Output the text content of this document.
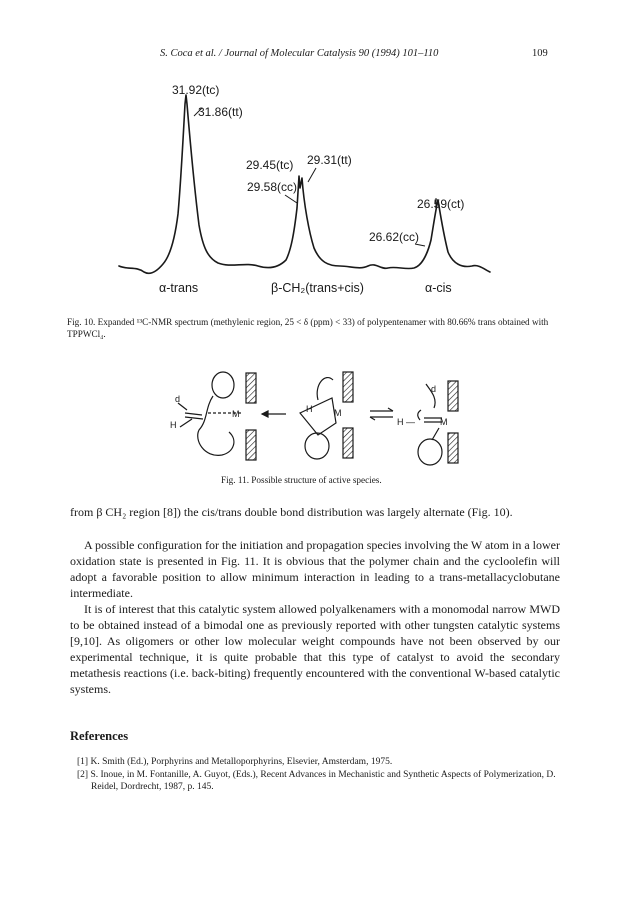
S. Coca et al. / Journal of Molecular Catalysis 90 (1994) 101–110	109
31.92(tc)
31.86(tt)
29.45(tc) 29.31(tt)
29.58(cc)
26.59(ct)
26.62(cc)
α-trans	β-CH₂(trans+cis)	α-cis
Fig. 10. Expanded ¹³C-NMR spectrum (methylenic region, 25 < δ (ppm) < 33) of polypentenamer with 80.66% trans obtained with TPPWCl₄.
d
H
M	H M
d
H —	M
Fig. 11. Possible structure of active species.
from β CH₂ region [8]) the cis/trans double bond distribution was largely alternate (Fig. 10).
A possible configuration for the initiation and propagation species involving the W atom in a lower oxidation state is presented in Fig. 11. It is obvious that the polymer chain and the cycloolefin will adopt a favorable position to allow minimum interaction in leading to a trans-metallacyclobutane intermediate.
It is of interest that this catalytic system allowed polyalkenamers with a monomodal narrow MWD to be obtained instead of a bimodal one as previously reported with other tungsten catalytic systems [9,10]. As oligomers or other low molecular weight compounds have not been observed by our experimental technique, it is quite probable that this type of catalyst to avoid the secondary metathesis reactions (i.e. back-biting) frequently encountered with the conventional W-based catalytic systems.
References
[1] K. Smith (Ed.), Porphyrins and Metalloporphyrins, Elsevier, Amsterdam, 1975.
[2] S. Inoue, in M. Fontanille, A. Guyot, (Eds.), Recent Advances in Mechanistic and Synthetic Aspects of Polymerization, D. Reidel, Dordrecht, 1987, p. 145.
